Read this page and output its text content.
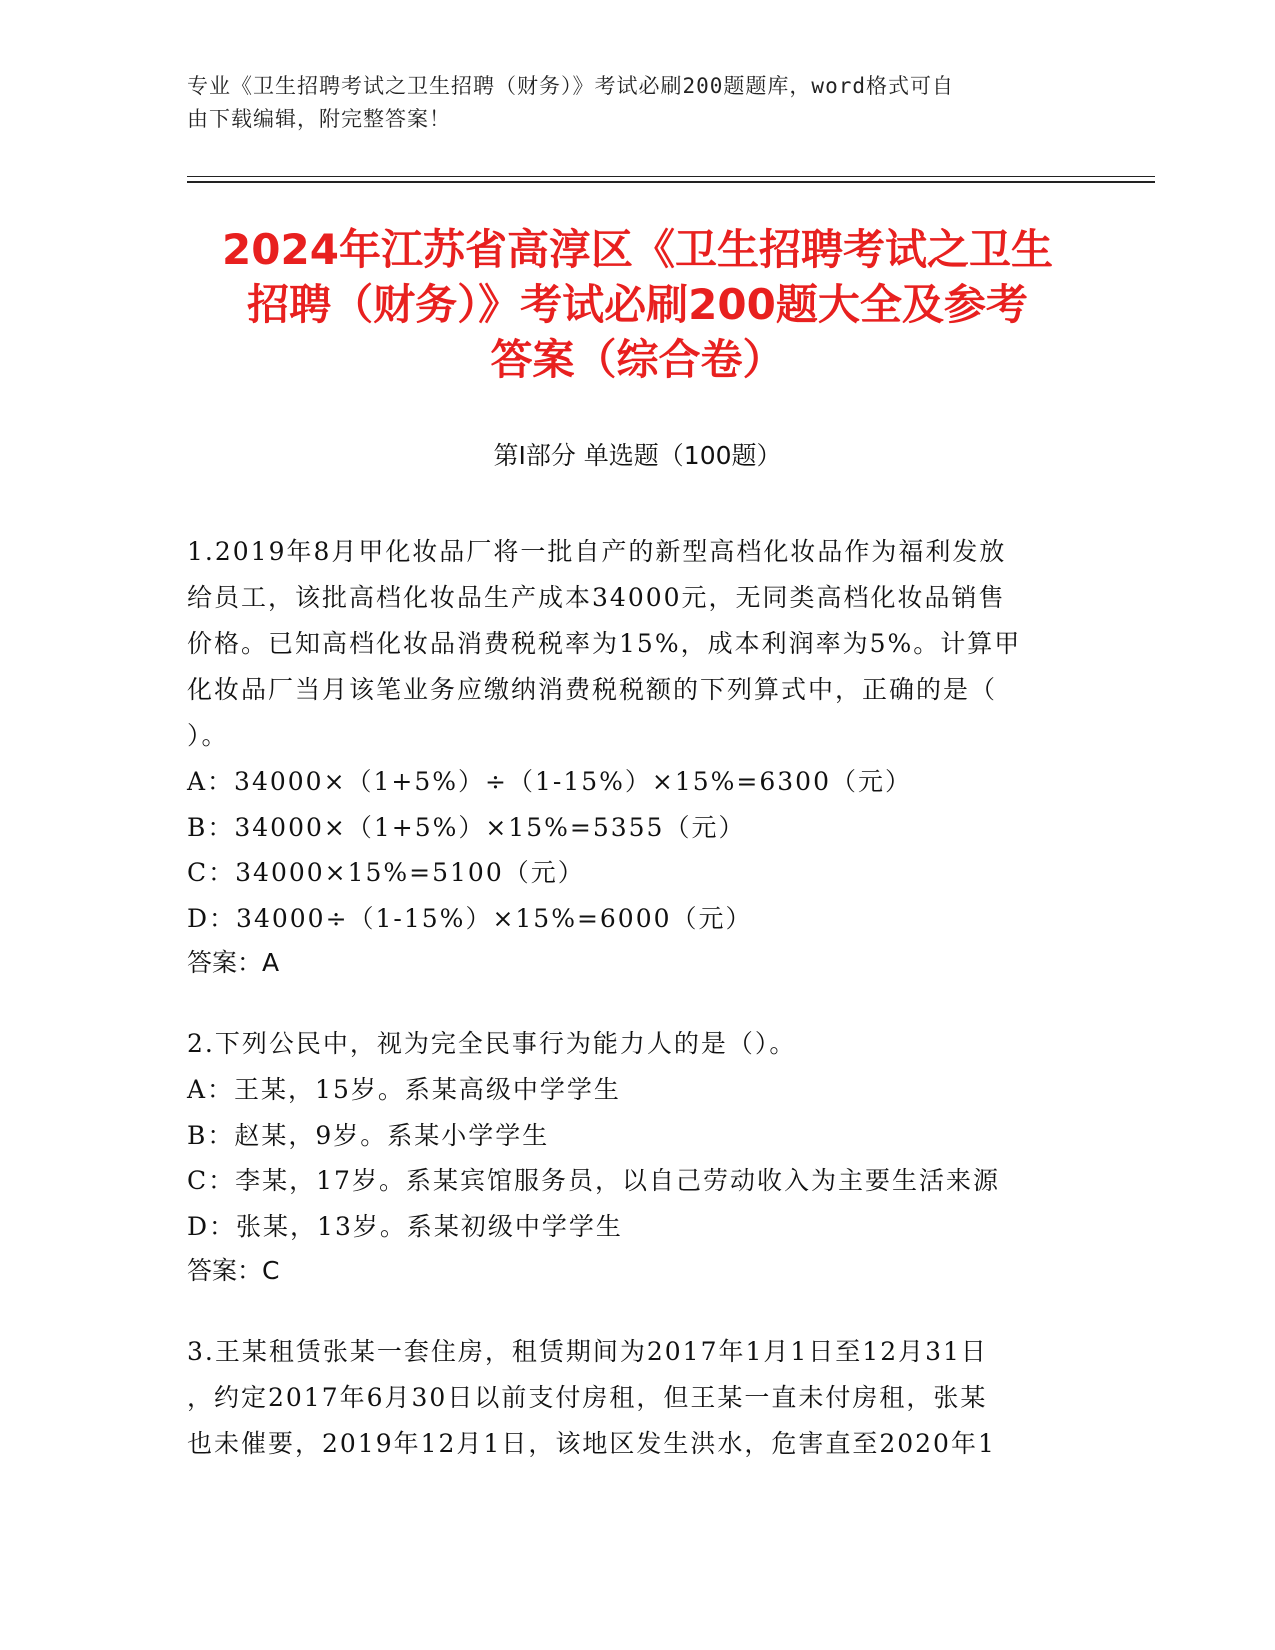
专业《卫生招聘考试之卫生招聘（财务）》考试必刷200题题库，word格式可自
由下载编辑，附完整答案！
2024年江苏省高淳区《卫生招聘考试之卫生
招聘（财务）》考试必刷200题大全及参考
答案（综合卷）
第Ⅰ部分 单选题（100题）
1.2019年8月甲化妆品厂将一批自产的新型高档化妆品作为福利发放
给员工，该批高档化妆品生产成本34000元，无同类高档化妆品销售
价格。已知高档化妆品消费税税率为15%，成本利润率为5%。计算甲
化妆品厂当月该笔业务应缴纳消费税税额的下列算式中，正确的是（
）。
A：34000×（1+5%）÷（1-15%）×15%=6300（元）
B：34000×（1+5%）×15%=5355（元）
C：34000×15%=5100（元）
D：34000÷（1-15%）×15%=6000（元）
答案：A
2.下列公民中，视为完全民事行为能力人的是（）。
A：王某，15岁。系某高级中学学生
B：赵某，9岁。系某小学学生
C：李某，17岁。系某宾馆服务员，以自己劳动收入为主要生活来源
D：张某，13岁。系某初级中学学生
答案：C
3.王某租赁张某一套住房，租赁期间为2017年1月1日至12月31日
，约定2017年6月30日以前支付房租，但王某一直未付房租，张某
也未催要，2019年12月1日，该地区发生洪水，危害直至2020年1
